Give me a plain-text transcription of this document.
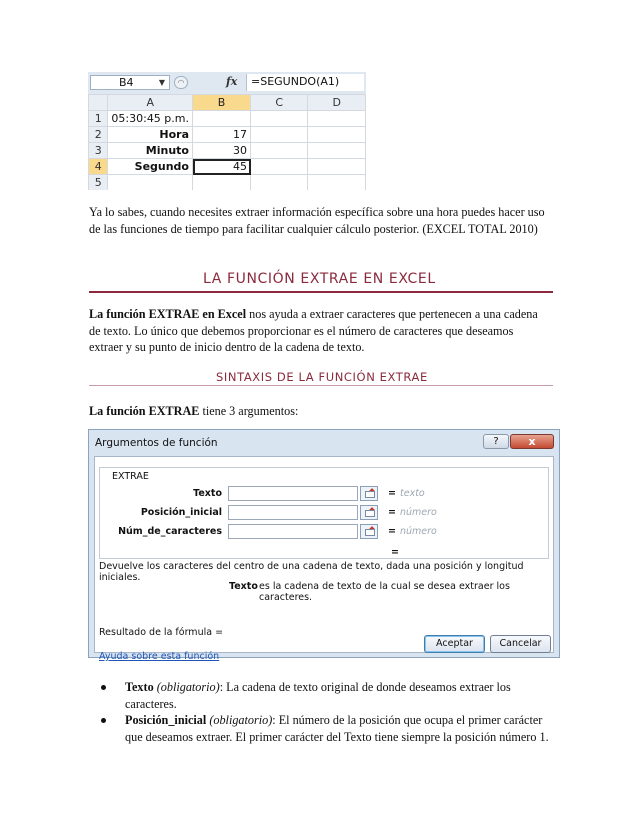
B4	▼	◠	fx	=SEGUNDO(A1)
	A	B	C	D
1	05:30:45 p.m.			
2	Hora	17		
3	Minuto	30		
4	Segundo	45		
5				

Ya lo sabes, cuando necesites extraer información específica sobre una hora puedes hacer uso de las funciones de tiempo para facilitar cualquier cálculo posterior. (EXCEL TOTAL 2010)

LA FUNCIÓN EXTRAE EN EXCEL

La función EXTRAE en Excel nos ayuda a extraer caracteres que pertenecen a una cadena de texto. Lo único que debemos proporcionar es el número de caracteres que deseamos extraer y su punto de inicio dentro de la cadena de texto.

SINTAXIS DE LA FUNCIÓN EXTRAE

La función EXTRAE tiene 3 argumentos:

Argumentos de función	?	x
EXTRAE
Texto	= texto
Posición_inicial	= número
Núm_de_caracteres	= número
=
Devuelve los caracteres del centro de una cadena de texto, dada una posición y longitud iniciales.
Texto es la cadena de texto de la cual se desea extraer los caracteres.
Resultado de la fórmula =
Ayuda sobre esta función
Aceptar	Cancelar
Texto (obligatorio): La cadena de texto original de donde deseamos extraer los caracteres.
Posición_inicial (obligatorio): El número de la posición que ocupa el primer carácter que deseamos extraer. El primer carácter del Texto tiene siempre la posición número 1.
